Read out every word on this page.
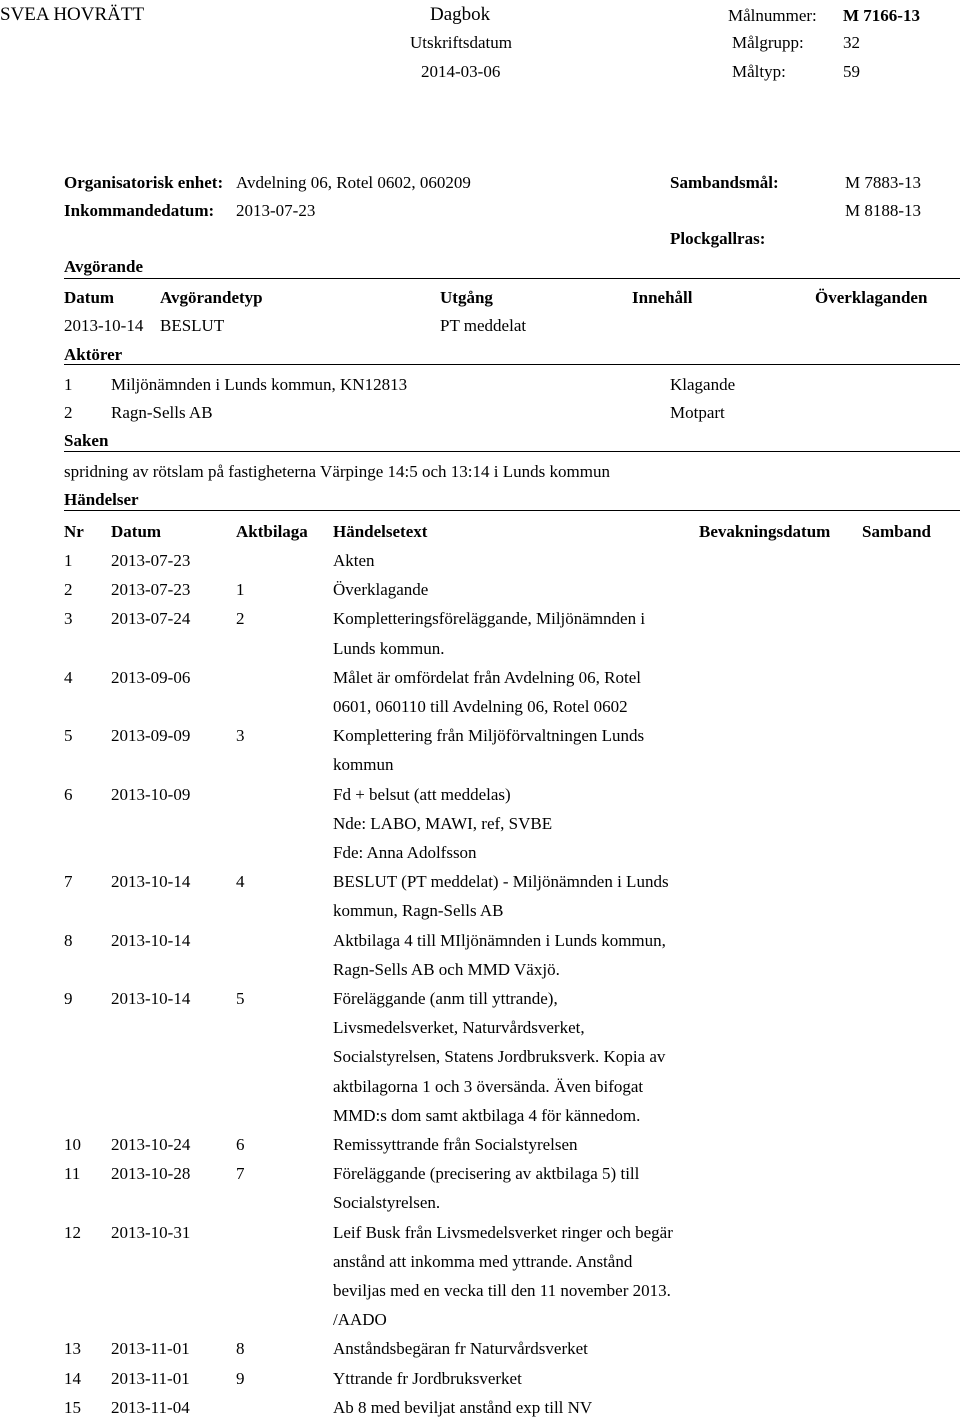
SVEA HOVRÄTT	Dagbok
Utskriftsdatum
2014-03-06
Målnummer: M 7166-13
Målgrupp: 32
Måltyp:	59
Organisatorisk enhet: Avdelning 06, Rotel 0602, 060209
Inkommandedatum: 2013-07-23
Sambandsmål:	M 7883-13
M 8188-13
Plockgallras:
Avgörande
Datum	Avgörandetyp	Utgång	Innehåll	Överklaganden
2013-10-14 BESLUT	PT meddelat
Aktörer
1 Miljönämnden i Lunds kommun, KN12813	Klagande
2 Ragn-Sells AB	Motpart
Saken
spridning av rötslam på fastigheterna Värpinge 14:5 och 13:14 i Lunds kommun
Händelser
Nr Datum	Aktbilaga Händelsetext	Bevakningsdatum Samband
1 2013-07-23	Akten
2 2013-07-23	1	Överklagande
3 2013-07-24	2	Kompletteringsföreläggande, Miljönämnden i
Lunds kommun.
4 2013-09-06	Målet är omfördelat från Avdelning 06, Rotel
0601, 060110 till Avdelning 06, Rotel 0602
5 2013-09-09	3	Komplettering från Miljöförvaltningen Lunds
kommun
6 2013-10-09	Fd + belsut (att meddelas)
Nde: LABO, MAWI, ref, SVBE
Fde: Anna Adolfsson
7 2013-10-14	4	BESLUT (PT meddelat) - Miljönämnden i Lunds
kommun, Ragn-Sells AB
8 2013-10-14	Aktbilaga 4 till MIljönämnden i Lunds kommun,
Ragn-Sells AB och MMD Växjö.
9 2013-10-14	5	Föreläggande (anm till yttrande),
Livsmedelsverket, Naturvårdsverket,
Socialstyrelsen, Statens Jordbruksverk. Kopia av
aktbilagorna 1 och 3 översända. Även bifogat
MMD:s dom samt aktbilaga 4 för kännedom.
10 2013-10-24	6	Remissyttrande från Socialstyrelsen
11 2013-10-28	7	Föreläggande (precisering av aktbilaga 5) till
Socialstyrelsen.
12 2013-10-31	Leif Busk från Livsmedelsverket ringer och begär
anstånd att inkomma med yttrande. Anstånd
beviljas med en vecka till den 11 november 2013.
/AADO
13 2013-11-01	8	Anståndsbegäran fr Naturvårdsverket
14 2013-11-01	9	Yttrande fr Jordbruksverket
15 2013-11-04	Ab 8 med beviljat anstånd exp till NV
